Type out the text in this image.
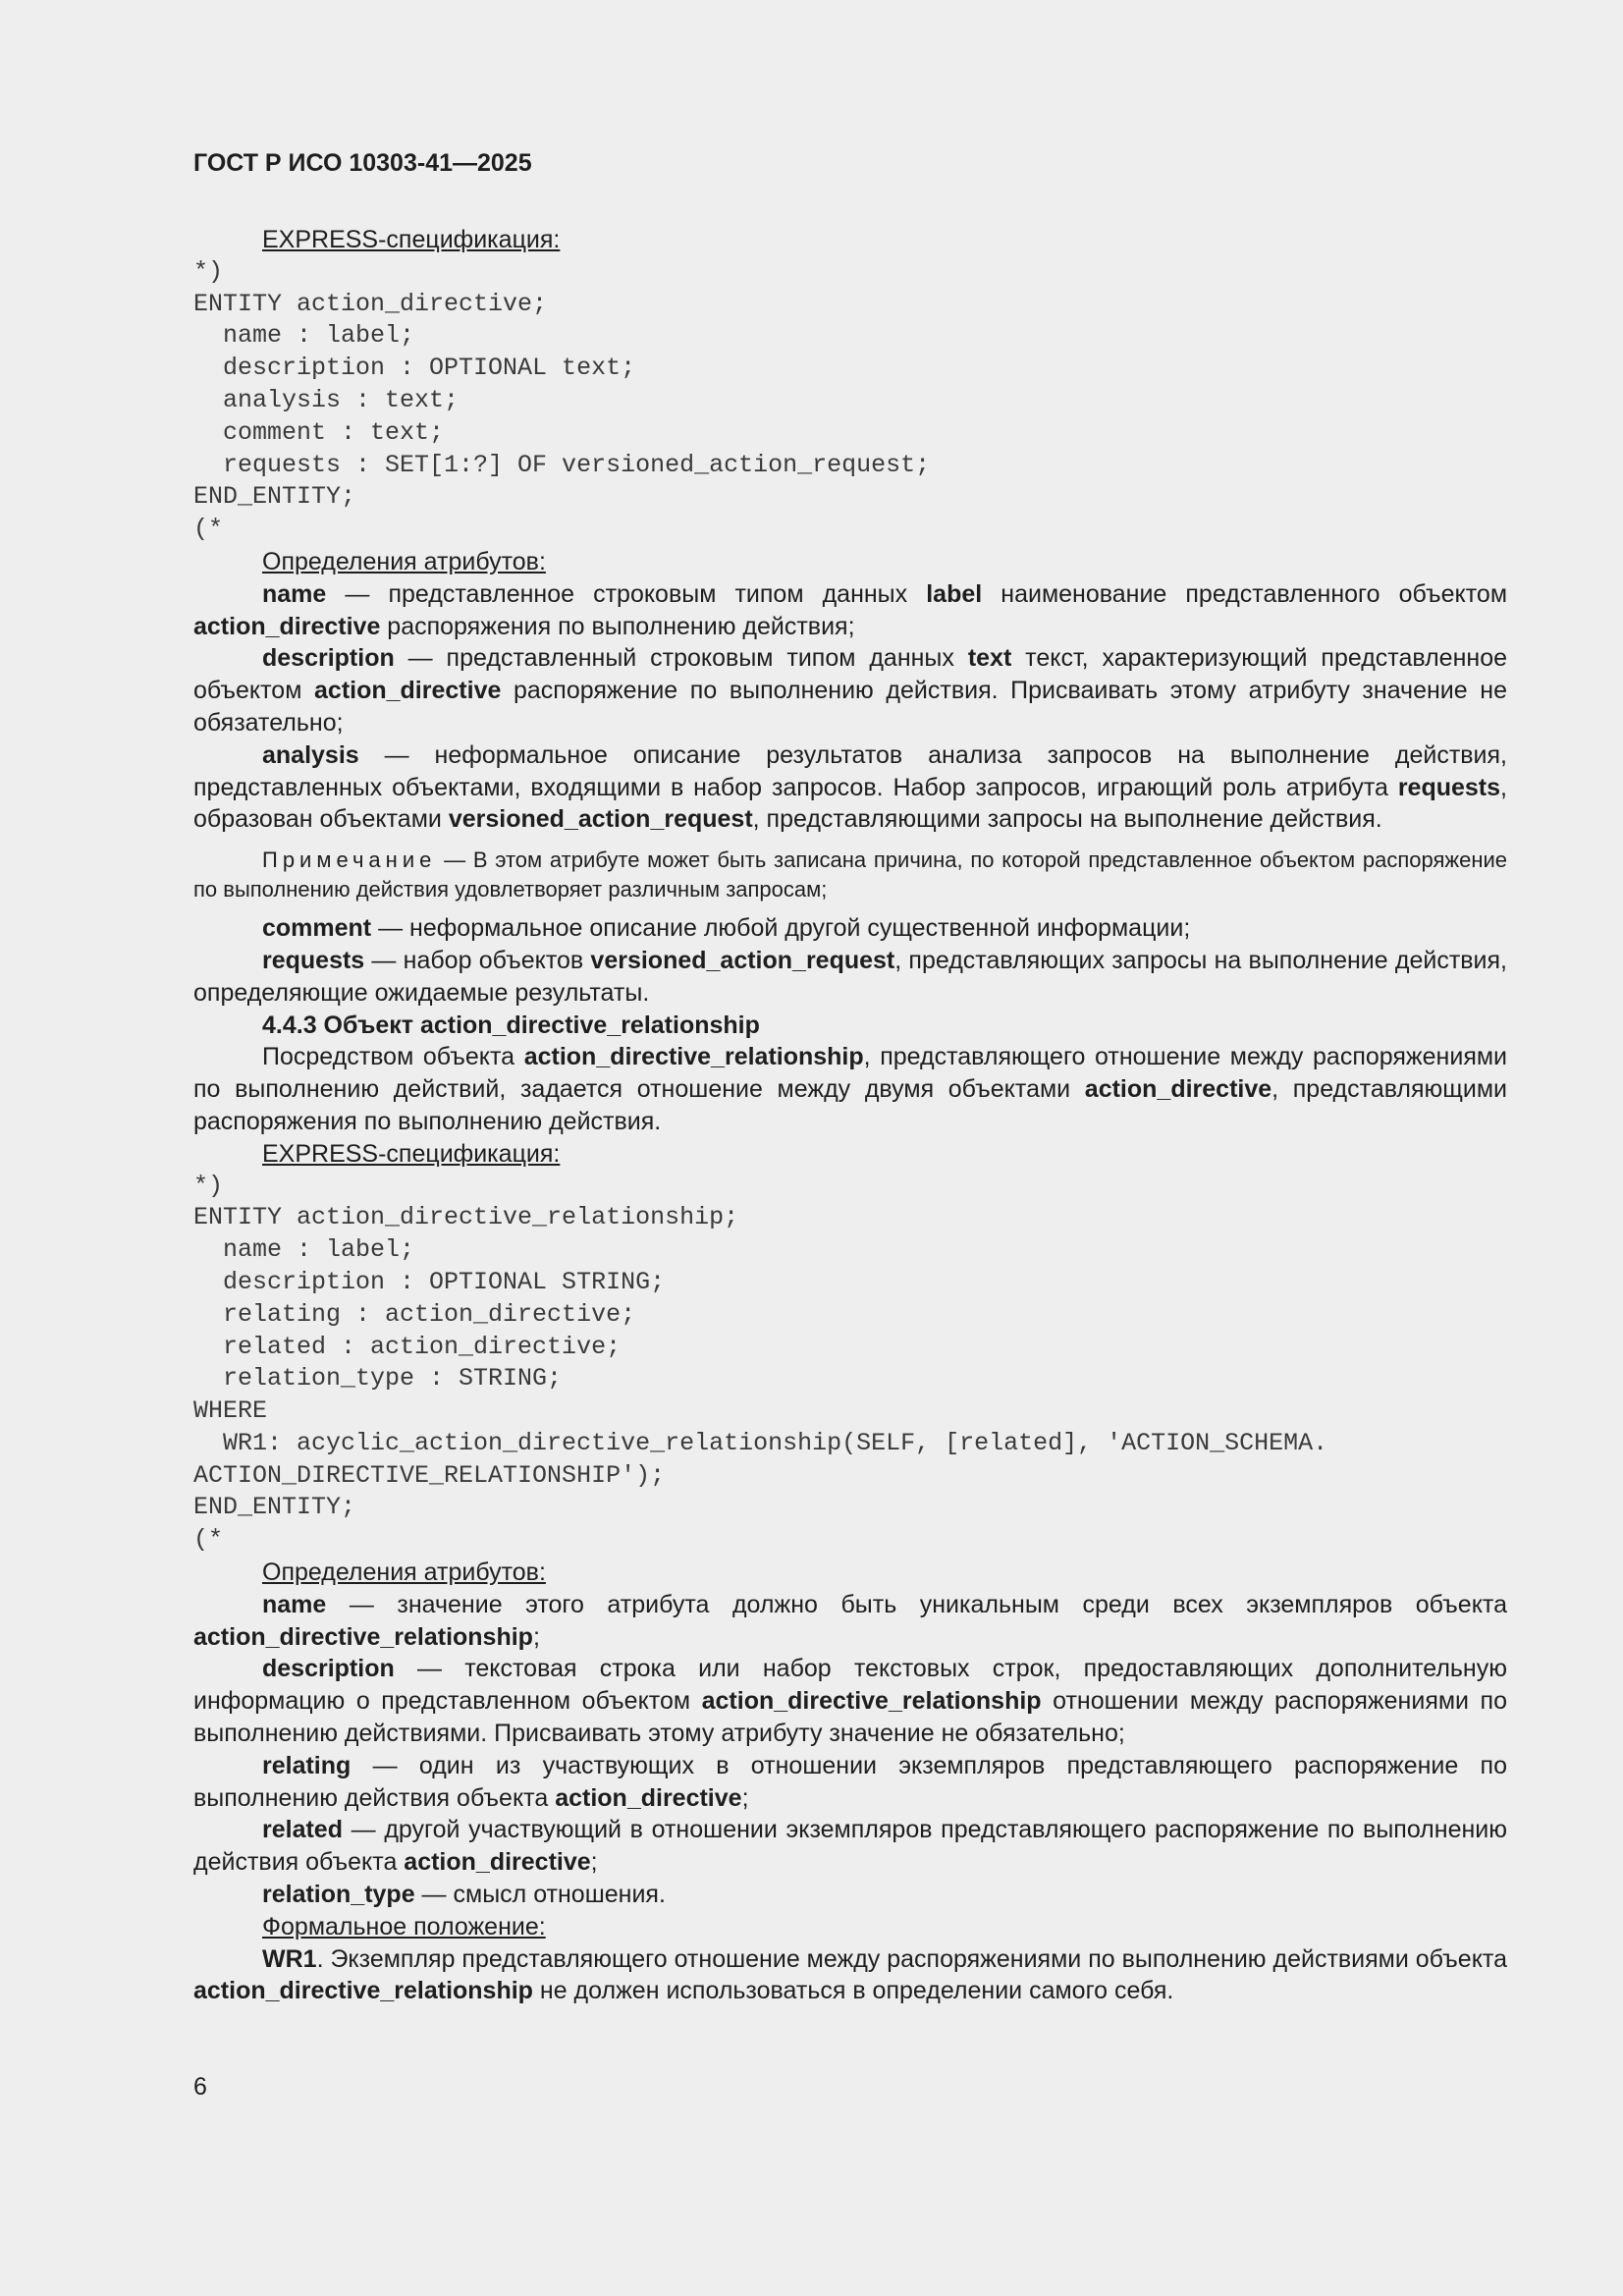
ГОСТ Р ИСО 10303-41—2025

EXPRESS-спецификация:

*)
ENTITY action_directive;
name : label;
description : OPTIONAL text;
analysis : text;
comment : text;
requests : SET[1:?] OF versioned_action_request;
END_ENTITY;
(*

Определения атрибутов:

name — представленное строковым типом данных label наименование представленного объектом action_directive распоряжения по выполнению действия;

description — представленный строковым типом данных text текст, характеризующий представленное объектом action_directive распоряжение по выполнению действия. Присваивать этому атрибуту значение не обязательно;

analysis — неформальное описание результатов анализа запросов на выполнение действия, представленных объектами, входящими в набор запросов. Набор запросов, играющий роль атрибута requests, образован объектами versioned_action_request, представляющими запросы на выполнение действия.

Примечание — В этом атрибуте может быть записана причина, по которой представленное объектом распоряжение по выполнению действия удовлетворяет различным запросам;

comment — неформальное описание любой другой существенной информации;

requests — набор объектов versioned_action_request, представляющих запросы на выполнение действия, определяющие ожидаемые результаты.

4.4.3 Объект action_directive_relationship

Посредством объекта action_directive_relationship, представляющего отношение между распоряжениями по выполнению действий, задается отношение между двумя объектами action_directive, представляющими распоряжения по выполнению действия.

EXPRESS-спецификация:

*)
ENTITY action_directive_relationship;
name : label;
description : OPTIONAL STRING;
relating : action_directive;
related : action_directive;
relation_type : STRING;
WHERE
WR1: acyclic_action_directive_relationship(SELF, [related], 'ACTION_SCHEMA.
ACTION_DIRECTIVE_RELATIONSHIP');
END_ENTITY;
(*

Определения атрибутов:

name — значение этого атрибута должно быть уникальным среди всех экземпляров объекта action_directive_relationship;

description — текстовая строка или набор текстовых строк, предоставляющих дополнительную информацию о представленном объектом action_directive_relationship отношении между распоряжениями по выполнению действиями. Присваивать этому атрибуту значение не обязательно;

relating — один из участвующих в отношении экземпляров представляющего распоряжение по выполнению действия объекта action_directive;

related — другой участвующий в отношении экземпляров представляющего распоряжение по выполнению действия объекта action_directive;

relation_type — смысл отношения.

Формальное положение:

WR1. Экземпляр представляющего отношение между распоряжениями по выполнению действиями объекта action_directive_relationship не должен использоваться в определении самого себя.

6
